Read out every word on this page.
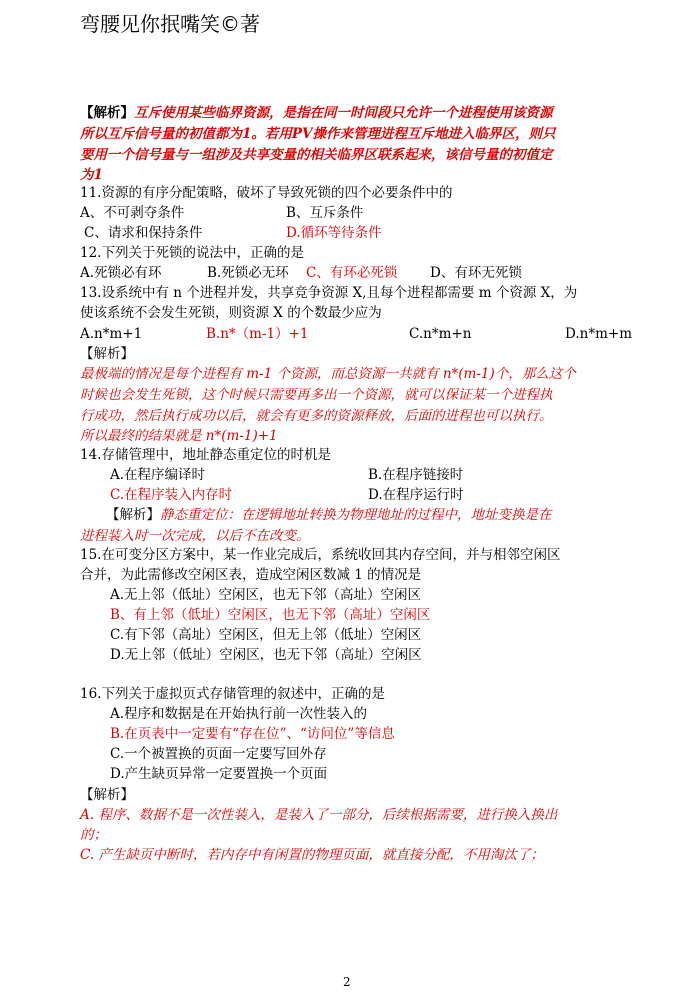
弯腰见你抿嘴笑©著
【解析】互斥使用某些临界资源，是指在同一时间段只允许一个进程使用该资源
所以互斥信号量的初值都为1。若用PV操作来管理进程互斥地进入临界区，则只
要用一个信号量与一组涉及共享变量的相关临界区联系起来，该信号量的初值定
为1
11.资源的有序分配策略，破坏了导致死锁的四个必要条件中的
A、不可剥夺条件	B、互斥条件
C、请求和保持条件	D.循环等待条件
12.下列关于死锁的说法中，正确的是
A.死锁必有环	B.死锁必无环 C、有环必死锁 D、有环无死锁
13.设系统中有 n 个进程并发，共享竞争资源 X,且每个进程都需要 m 个资源 X，为
使该系统不会发生死锁，则资源 X 的个数最少应为
A.n*m+1	B.n*（m-1）+1	C.n*m+n	D.n*m+m
【解析】
最极端的情况是每个进程有 m-1 个资源，而总资源一共就有 n*(m-1)个，那么这个
时候也会发生死锁，这个时候只需要再多出一个资源，就可以保证某一个进程执
行成功，然后执行成功以后，就会有更多的资源释放，后面的进程也可以执行。
所以最终的结果就是 n*(m-1)+1
14.存储管理中，地址静态重定位的时机是
A.在程序编译时	B.在程序链接时
C.在程序装入内存时	D.在程序运行时
【解析】静态重定位：在逻辑地址转换为物理地址的过程中，地址变换是在
进程装入时一次完成，以后不在改变。
15.在可变分区方案中，某一作业完成后，系统收回其内存空间，并与相邻空闲区
合并，为此需修改空闲区表，造成空闲区数减 1 的情况是
A.无上邻（低址）空闲区，也无下邻（高址）空闲区
B、有上邻（低址）空闲区，也无下邻（高址）空闲区
C.有下邻（高址）空闲区，但无上邻（低址）空闲区
D.无上邻（低址）空闲区，也无下邻（高址）空闲区
16.下列关于虚拟页式存储管理的叙述中，正确的是
A.程序和数据是在开始执行前一次性装入的
B.在页表中一定要有“存在位”、“访问位”等信息
C.一个被置换的页面一定要写回外存
D.产生缺页异常一定要置换一个页面
【解析】
A. 程序、数据不是一次性装入，是装入了一部分，后续根据需要，进行换入换出
的；
C. 产生缺页中断时，若内存中有闲置的物理页面，就直接分配，不用淘汰了；
2
